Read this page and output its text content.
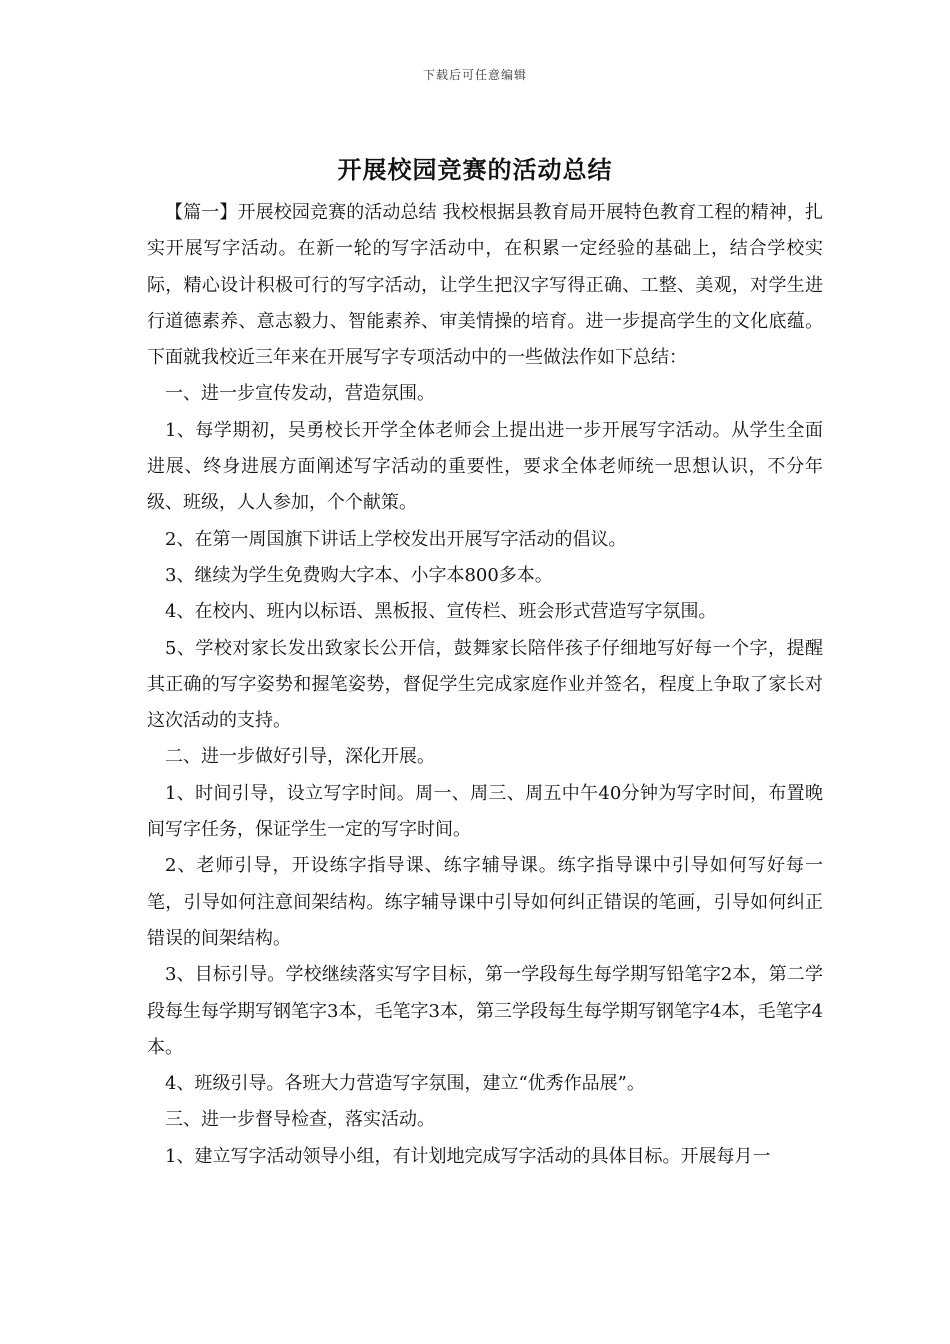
下载后可任意编辑
开展校园竞赛的活动总结

【篇一】开展校园竞赛的活动总结 我校根据县教育局开展特色教育工程的精神，扎实开展写字活动。在新一轮的写字活动中，在积累一定经验的基础上，结合学校实际，精心设计积极可行的写字活动，让学生把汉字写得正确、工整、美观，对学生进行道德素养、意志毅力、智能素养、审美情操的培育。进一步提高学生的文化底蕴。下面就我校近三年来在开展写字专项活动中的一些做法作如下总结：

一、进一步宣传发动，营造氛围。

1、每学期初，吴勇校长开学全体老师会上提出进一步开展写字活动。从学生全面进展、终身进展方面阐述写字活动的重要性，要求全体老师统一思想认识，不分年级、班级，人人参加，个个献策。

2、在第一周国旗下讲话上学校发出开展写字活动的倡议。

3、继续为学生免费购大字本、小字本800多本。

4、在校内、班内以标语、黑板报、宣传栏、班会形式营造写字氛围。

5、学校对家长发出致家长公开信，鼓舞家长陪伴孩子仔细地写好每一个字，提醒其正确的写字姿势和握笔姿势，督促学生完成家庭作业并签名，程度上争取了家长对这次活动的支持。

二、进一步做好引导，深化开展。

1、时间引导，设立写字时间。周一、周三、周五中午40分钟为写字时间，布置晚间写字任务，保证学生一定的写字时间。

2、老师引导，开设练字指导课、练字辅导课。练字指导课中引导如何写好每一笔，引导如何注意间架结构。练字辅导课中引导如何纠正错误的笔画，引导如何纠正错误的间架结构。

3、目标引导。学校继续落实写字目标，第一学段每生每学期写铅笔字2本，第二学段每生每学期写钢笔字3本，毛笔字3本，第三学段每生每学期写钢笔字4本，毛笔字4本。

4、班级引导。各班大力营造写字氛围，建立“优秀作品展”。

三、进一步督导检查，落实活动。

1、建立写字活动领导小组，有计划地完成写字活动的具体目标。开展每月一
